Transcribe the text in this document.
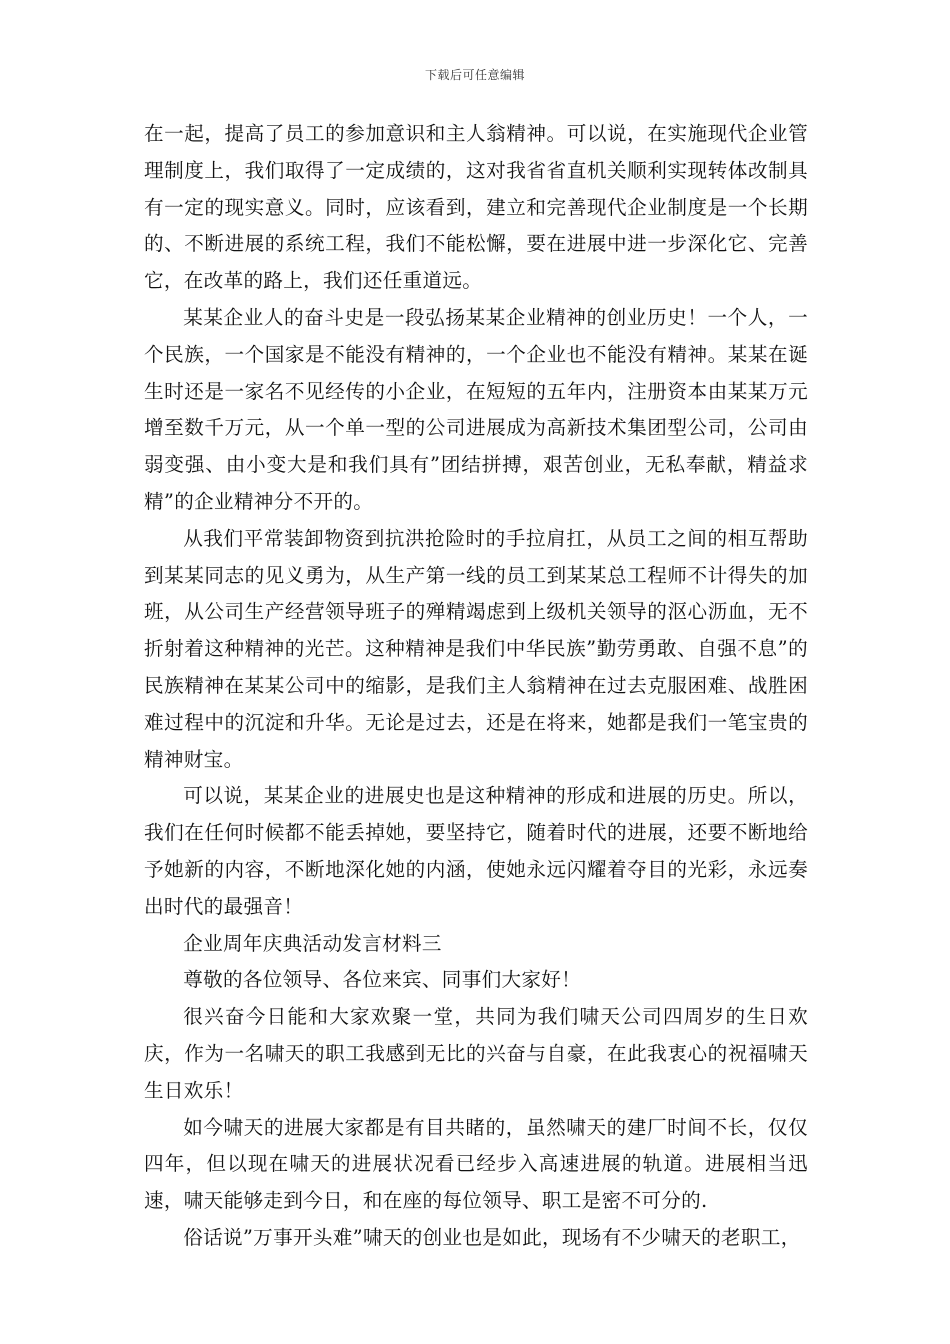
下载后可任意编辑

在一起，提高了员工的参加意识和主人翁精神。可以说，在实施现代企业管理制度上，我们取得了一定成绩的，这对我省省直机关顺利实现转体改制具有一定的现实意义。同时，应该看到，建立和完善现代企业制度是一个长期的、不断进展的系统工程，我们不能松懈，要在进展中进一步深化它、完善它，在改革的路上，我们还任重道远。

某某企业人的奋斗史是一段弘扬某某企业精神的创业历史！一个人，一个民族，一个国家是不能没有精神的，一个企业也不能没有精神。某某在诞生时还是一家名不见经传的小企业，在短短的五年内，注册资本由某某万元增至数千万元，从一个单一型的公司进展成为高新技术集团型公司，公司由弱变强、由小变大是和我们具有”团结拼搏，艰苦创业，无私奉献，精益求精”的企业精神分不开的。

从我们平常装卸物资到抗洪抢险时的手拉肩扛，从员工之间的相互帮助到某某同志的见义勇为，从生产第一线的员工到某某总工程师不计得失的加班，从公司生产经营领导班子的殚精竭虑到上级机关领导的沤心沥血，无不折射着这种精神的光芒。这种精神是我们中华民族”勤劳勇敢、自强不息”的民族精神在某某公司中的缩影，是我们主人翁精神在过去克服困难、战胜困难过程中的沉淀和升华。无论是过去，还是在将来，她都是我们一笔宝贵的精神财宝。

可以说，某某企业的进展史也是这种精神的形成和进展的历史。所以，我们在任何时候都不能丢掉她，要坚持它，随着时代的进展，还要不断地给予她新的内容，不断地深化她的内涵，使她永远闪耀着夺目的光彩，永远奏出时代的最强音！

企业周年庆典活动发言材料三

尊敬的各位领导、各位来宾、同事们大家好！

很兴奋今日能和大家欢聚一堂，共同为我们啸天公司四周岁的生日欢庆，作为一名啸天的职工我感到无比的兴奋与自豪，在此我衷心的祝福啸天生日欢乐！

如今啸天的进展大家都是有目共睹的，虽然啸天的建厂时间不长，仅仅四年，但以现在啸天的进展状况看已经步入高速进展的轨道。进展相当迅速，啸天能够走到今日，和在座的每位领导、职工是密不可分的.

俗话说”万事开头难”啸天的创业也是如此，现场有不少啸天的老职工，
